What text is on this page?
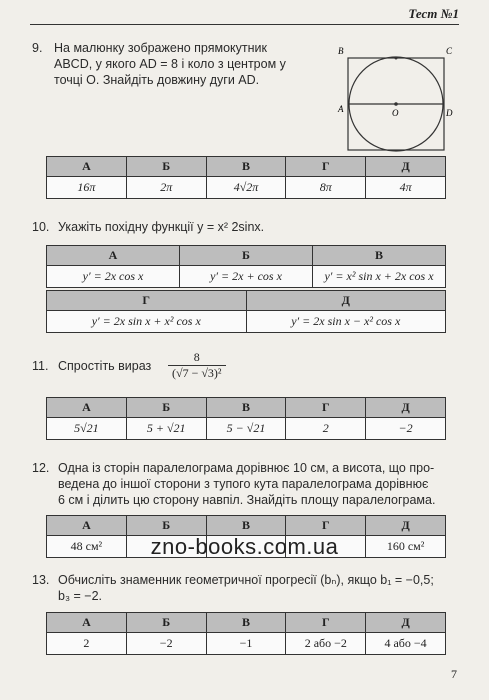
Тест №1
9. На малюнку зображено прямокутник
ABCD, у якого AD = 8 і коло з центром у
точці O. Знайдіть довжину дуги AD.
B	C
A	O	D
А	Б	В	Г	Д
16π	2π	4√2π	8π	4π
10. Укажіть похідну функції y = x² 2sinx.
А	Б	В
y′ = 2x cos x	y′ = 2x + cos x	y′ = x² sin x + 2x cos x
Г	Д
y′ = 2x sin x + x² cos x	y′ = 2x sin x − x² cos x
11. Спростіть вираз $\frac{8}{\text{(√7 − √3)²}}$
А	Б	В	Г	Д
5√21	5 + √21	5 − √21	2	−2
12. Одна із сторін паралелограма дорівнює 10 см, а висота, що про-
ведена до іншої сторони з тупого кута паралелограма дорівнює
6 см і ділить цю сторону навпіл. Знайдіть площу паралелограма.
А	Б	В	Г	Д
48 см²				160 см²
zno-books.com.ua
13. Обчисліть знаменник геометричної прогресії (bₙ), якщо b₁ = −0,5;
b₃ = −2.
А	Б	В	Г	Д
2	−2	−1	2 або −2	4 або −4
7
